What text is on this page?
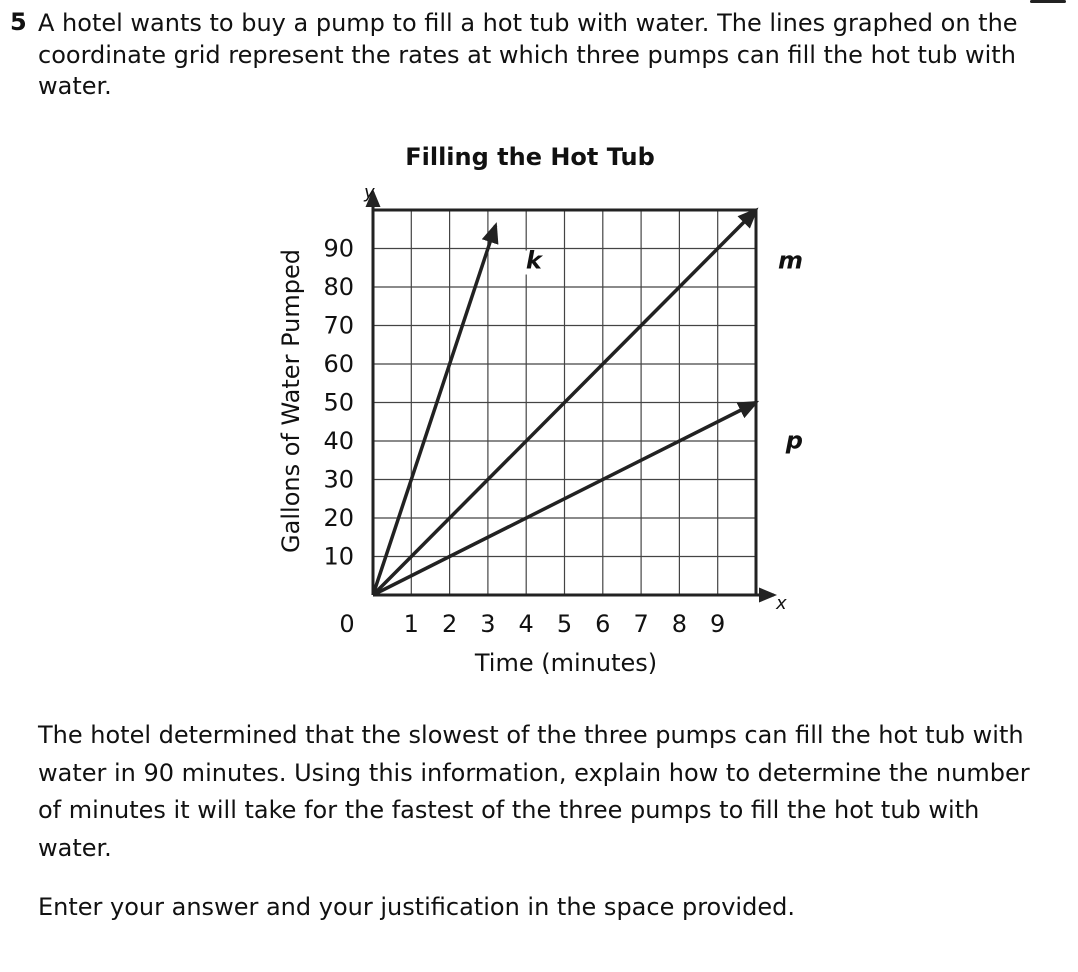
5 A hotel wants to buy a pump to fill a hot tub with water. The lines graphed on the coordinate grid represent the rates at which three pumps can fill the hot tub with water.
Filling the Hot Tub
x
y
k	m
p
1 2 3 4 5 6 7 8 9
10
20
30
40
50
60
70
80
90
0
Time (minutes)
Gallons of Water Pumped
The hotel determined that the slowest of the three pumps can fill the hot tub with water in 90 minutes. Using this information, explain how to determine the number of minutes it will take for the fastest of the three pumps to fill the hot tub with water.
Enter your answer and your justification in the space provided.
